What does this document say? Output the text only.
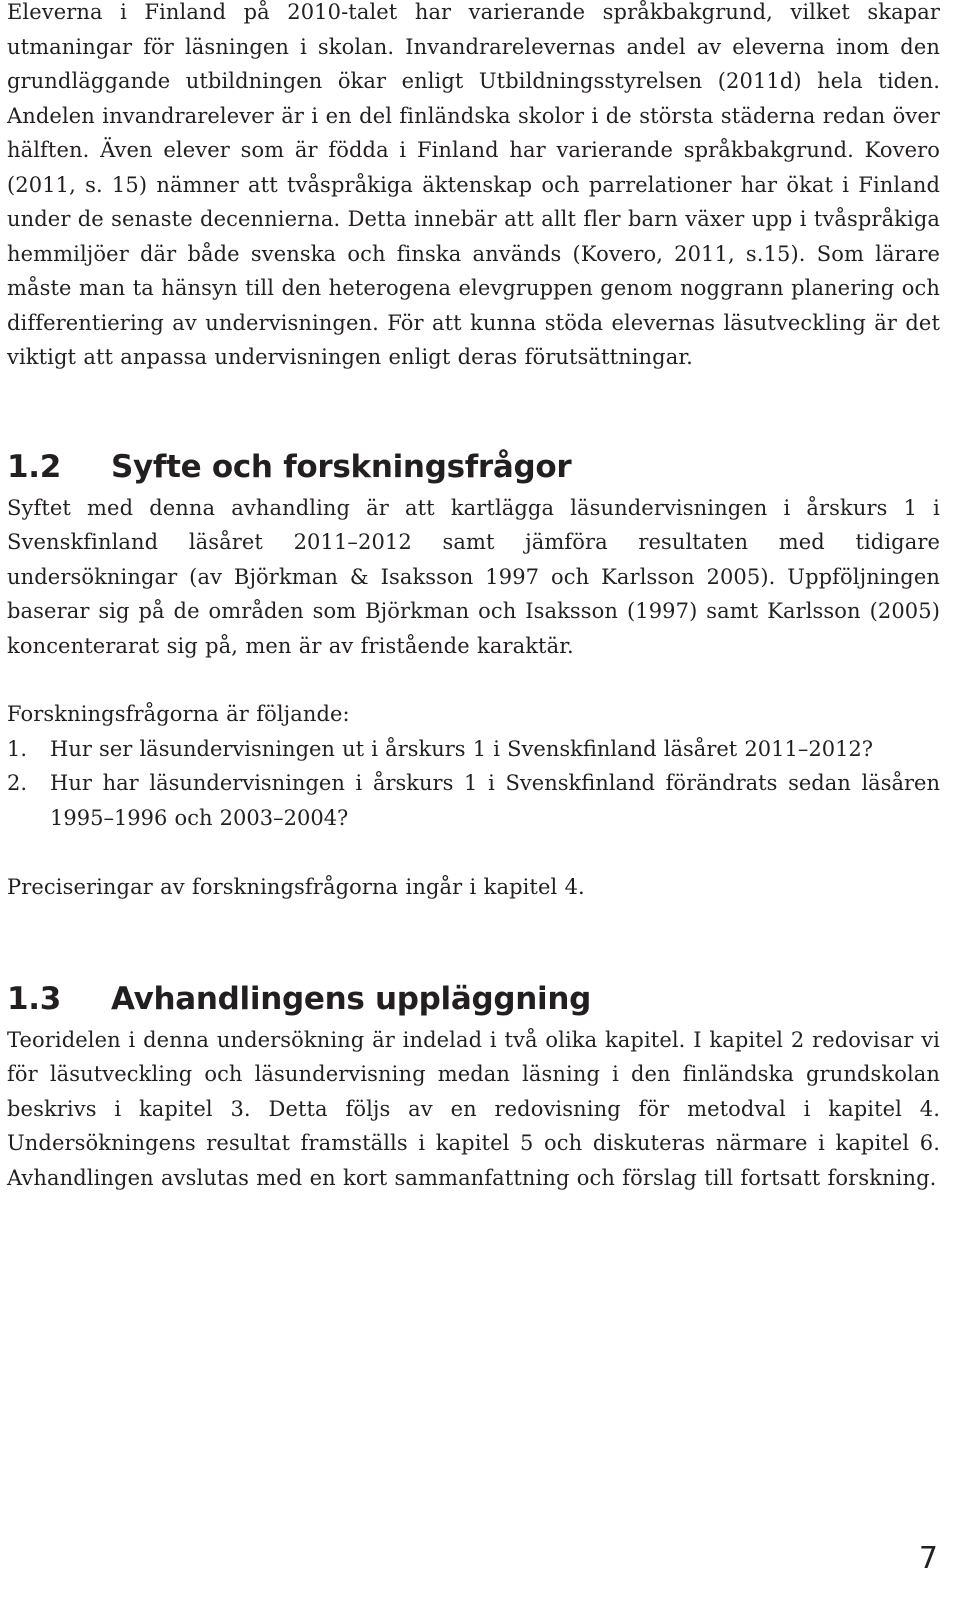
Eleverna i Finland på 2010-talet har varierande språkbakgrund, vilket skapar utmaningar för läsningen i skolan. Invandrarelevernas andel av eleverna inom den grundläggande utbildningen ökar enligt Utbildningsstyrelsen (2011d) hela tiden. Andelen invandrarelever är i en del finländska skolor i de största städerna redan över hälften. Även elever som är födda i Finland har varierande språkbakgrund. Kovero (2011, s. 15) nämner att tvåspråkiga äktenskap och parrelationer har ökat i Finland under de senaste decennierna. Detta innebär att allt fler barn växer upp i tvåspråkiga hemmiljöer där både svenska och finska används (Kovero, 2011, s.15). Som lärare måste man ta hänsyn till den heterogena elevgruppen genom noggrann planering och differentiering av undervisningen. För att kunna stöda elevernas läsutveckling är det viktigt att anpassa undervisningen enligt deras förutsättningar.

1.2	Syfte och forskningsfrågor

Syftet med denna avhandling är att kartlägga läsundervisningen i årskurs 1 i Svenskfinland läsåret 2011–2012 samt jämföra resultaten med tidigare undersökningar (av Björkman & Isaksson 1997 och Karlsson 2005). Uppföljningen baserar sig på de områden som Björkman och Isaksson (1997) samt Karlsson (2005) koncenterarat sig på, men är av fristående karaktär.

Forskningsfrågorna är följande:

1.	Hur ser läsundervisningen ut i årskurs 1 i Svenskfinland läsåret 2011–2012?
2.	Hur har läsundervisningen i årskurs 1 i Svenskfinland förändrats sedan läsåren 1995–1996 och 2003–2004?

Preciseringar av forskningsfrågorna ingår i kapitel 4.

1.3	Avhandlingens uppläggning

Teoridelen i denna undersökning är indelad i två olika kapitel. I kapitel 2 redovisar vi för läsutveckling och läsundervisning medan läsning i den finländska grundskolan beskrivs i kapitel 3. Detta följs av en redovisning för metodval i kapitel 4. Undersökningens resultat framställs i kapitel 5 och diskuteras närmare i kapitel 6. Avhandlingen avslutas med en kort sammanfattning och förslag till fortsatt forskning.

7
